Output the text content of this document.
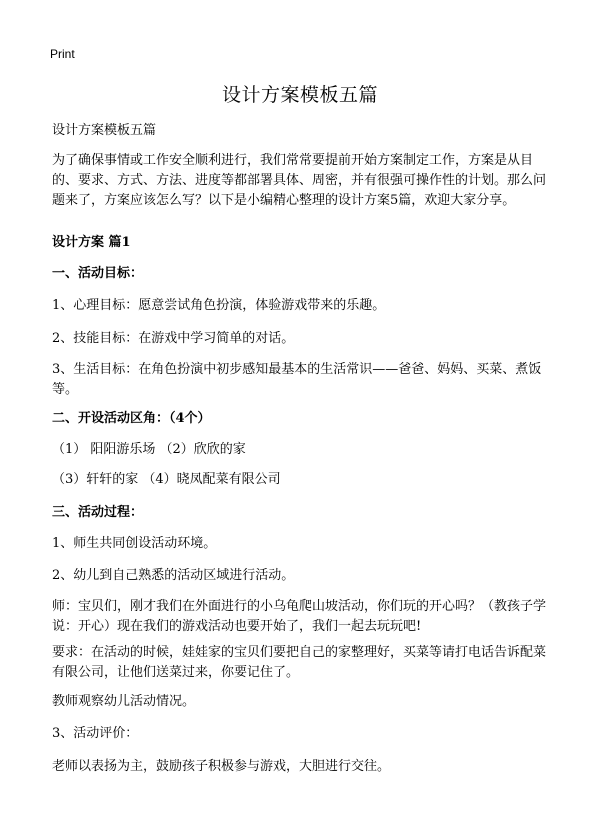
Print
设计方案模板五篇

设计方案模板五篇

为了确保事情或工作安全顺利进行，我们常常要提前开始方案制定工作，方案是从目的、要求、方式、方法、进度等都部署具体、周密，并有很强可操作性的计划。那么问题来了，方案应该怎么写？以下是小编精心整理的设计方案5篇，欢迎大家分享。

设计方案 篇1

一、活动目标：

1、心理目标：愿意尝试角色扮演，体验游戏带来的乐趣。

2、技能目标：在游戏中学习简单的对话。

3、生活目标：在角色扮演中初步感知最基本的生活常识——爸爸、妈妈、买菜、煮饭等。

二、开设活动区角：（4个）

（1） 阳阳游乐场 （2）欣欣的家

（3）轩轩的家 （4）晓凤配菜有限公司

三、活动过程：

1、师生共同创设活动环境。

2、幼儿到自己熟悉的活动区域进行活动。

师：宝贝们，刚才我们在外面进行的小乌龟爬山坡活动，你们玩的开心吗？（教孩子学说：开心）现在我们的游戏活动也要开始了，我们一起去玩玩吧!

要求：在活动的时候，娃娃家的宝贝们要把自己的家整理好，买菜等请打电话告诉配菜有限公司，让他们送菜过来，你要记住了。

教师观察幼儿活动情况。

3、活动评价：

老师以表扬为主，鼓励孩子积极参与游戏，大胆进行交往。
